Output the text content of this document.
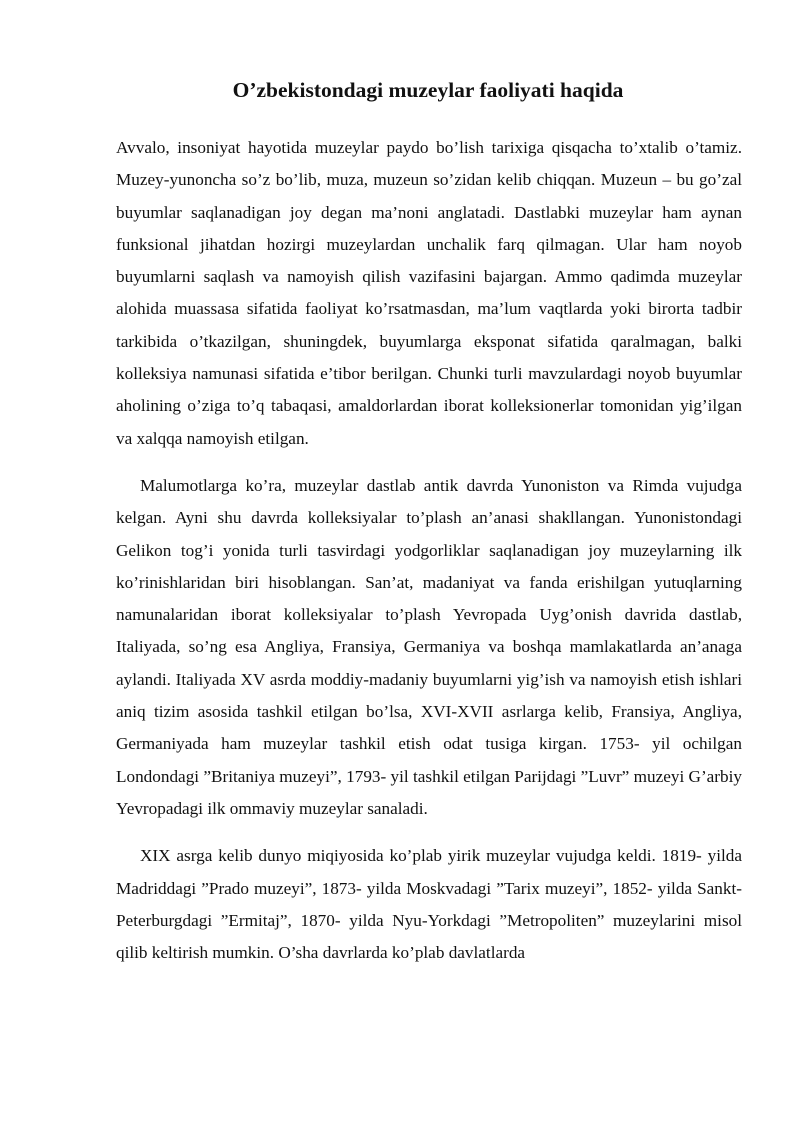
O’zbekistondagi muzeylar faoliyati haqida

Avvalo, insoniyat hayotida muzeylar paydo bo’lish tarixiga qisqacha to’xtalib o’tamiz. Muzey-yunoncha so’z bo’lib, muza, muzeun so’zidan kelib chiqqan. Muzeun – bu go’zal buyumlar saqlanadigan joy degan ma’noni anglatadi. Dastlabki muzeylar ham aynan funksional jihatdan hozirgi muzeylardan unchalik farq qilmagan. Ular ham noyob buyumlarni saqlash va namoyish qilish vazifasini bajargan. Ammo qadimda muzeylar alohida muassasa sifatida faoliyat ko’rsatmasdan, ma’lum vaqtlarda yoki birorta tadbir tarkibida o’tkazilgan, shuningdek, buyumlarga eksponat sifatida qaralmagan, balki kolleksiya namunasi sifatida e’tibor berilgan. Chunki turli mavzulardagi noyob buyumlar aholining o’ziga to’q tabaqasi, amaldorlardan iborat kolleksionerlar tomonidan yig’ilgan va xalqqa namoyish etilgan.

Malumotlarga ko’ra, muzeylar dastlab antik davrda Yunoniston va Rimda vujudga kelgan. Ayni shu davrda kolleksiyalar to’plash an’anasi shakllangan. Yunonistondagi Gelikon tog’i yonida turli tasvirdagi yodgorliklar saqlanadigan joy muzeylarning ilk ko’rinishlaridan biri hisoblangan. San’at, madaniyat va fanda erishilgan yutuqlarning namunalaridan iborat kolleksiyalar to’plash Yevropada Uyg’onish davrida dastlab, Italiyada, so’ng esa Angliya, Fransiya, Germaniya va boshqa mamlakatlarda an’anaga aylandi. Italiyada XV asrda moddiy-madaniy buyumlarni yig’ish va namoyish etish ishlari aniq tizim asosida tashkil etilgan bo’lsa, XVI-XVII asrlarga kelib, Fransiya, Angliya, Germaniyada ham muzeylar tashkil etish odat tusiga kirgan. 1753- yil ochilgan Londondagi ”Britaniya muzeyi”, 1793- yil tashkil etilgan Parijdagi ”Luvr” muzeyi G’arbiy Yevropadagi ilk ommaviy muzeylar sanaladi.

XIX asrga kelib dunyo miqiyosida ko’plab yirik muzeylar vujudga keldi. 1819- yilda Madriddagi ”Prado muzeyi”, 1873- yilda Moskvadagi ”Tarix muzeyi”, 1852- yilda Sankt-Peterburgdagi ”Ermitaj”, 1870- yilda Nyu-Yorkdagi ”Metropoliten” muzeylarini misol qilib keltirish mumkin. O’sha davrlarda ko’plab davlatlarda
